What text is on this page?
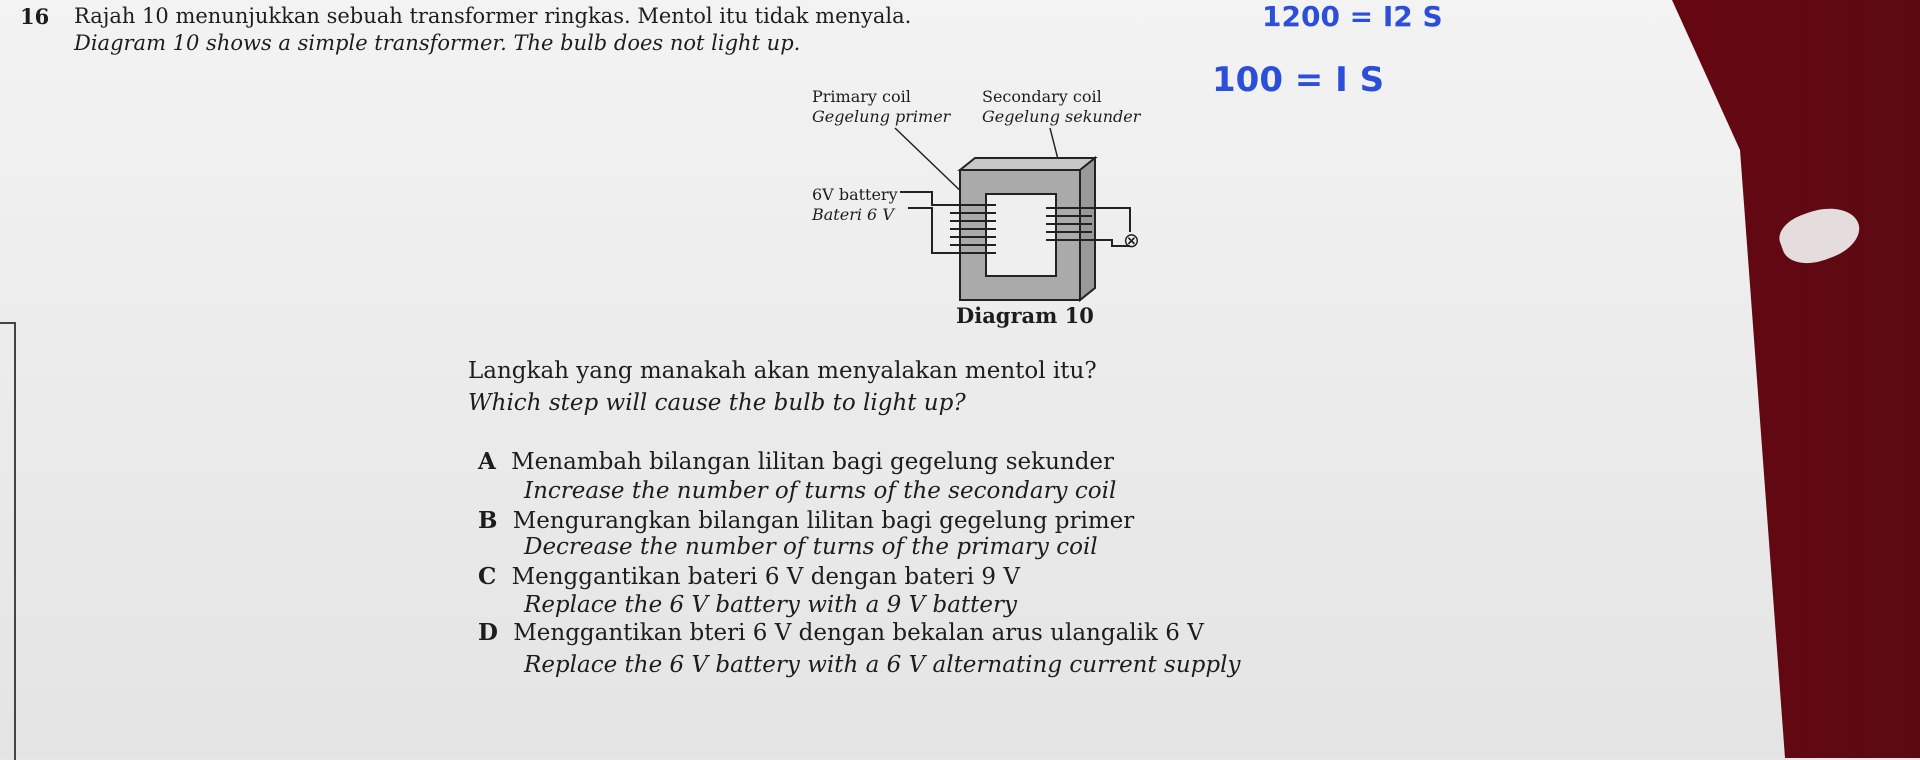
16 Rajah 10 menunjukkan sebuah transformer ringkas. Mentol itu tidak menyala.
Diagram 10 shows a simple transformer. The bulb does not light up.
1200 = I2 S
100 = I S
Primary coil
Gegelung primer
Secondary coil
Gegelung sekunder
6V battery
Bateri 6 V
⊗
Diagram 10
Langkah yang manakah akan menyalakan mentol itu?
Which step will cause the bulb to light up?
A Menambah bilangan lilitan bagi gegelung sekunder
Increase the number of turns of the secondary coil
B Mengurangkan bilangan lilitan bagi gegelung primer
Decrease the number of turns of the primary coil
C Menggantikan bateri 6 V dengan bateri 9 V
Replace the 6 V battery with a 9 V battery
D Menggantikan bteri 6 V dengan bekalan arus ulangalik 6 V
Replace the 6 V battery with a 6 V alternating current supply
